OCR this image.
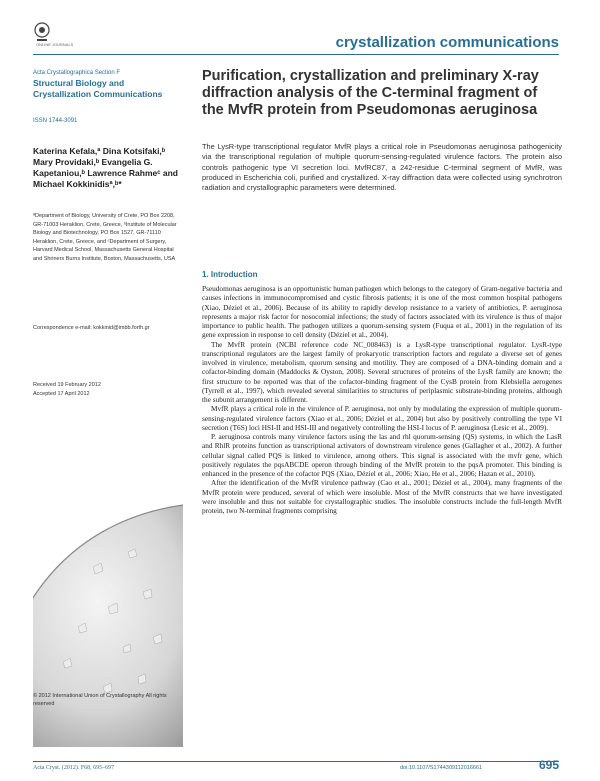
ONLINE JOURNALS	crystallization communications
Acta Crystallographica Section F
Structural Biology and Crystallization Communications
ISSN 1744-3091
Katerina Kefala,ª Dina Kotsifaki,ᵇ Mary Providaki,ᵇ Evangelia G. Kapetaniou,ᵇ Lawrence Rahmeᶜ and Michael Kokkinidisª,ᵇ*
ªDepartment of Biology, University of Crete, PO Box 2208, GR-71003 Heraklion, Crete, Greece, ᵇInstitute of Molecular Biology and Biotechnology, PO Box 1527, GR-71110 Heraklion, Crete, Greece, and ᶜDepartment of Surgery, Harvard Medical School, Massachusetts General Hospital and Shriners Burns Institute, Boston, Massachusetts, USA
Correspondence e-mail: kokkinid@imbb.forth.gr
Received 19 February 2012
Accepted 17 April 2012
© 2012 International Union of Crystallography All rights reserved
Purification, crystallization and preliminary X-ray diffraction analysis of the C-terminal fragment of the MvfR protein from Pseudomonas aeruginosa
The LysR-type transcriptional regulator MvfR plays a critical role in Pseudomonas aeruginosa pathogenicity via the transcriptional regulation of multiple quorum-sensing-regulated virulence factors. The protein also controls pathogenic type VI secretion loci. MvfRC87, a 242-residue C-terminal segment of MvfR, was produced in Escherichia coli, purified and crystallized. X-ray diffraction data were collected using synchrotron radiation and crystallographic parameters were determined.
1. Introduction

Pseudomonas aeruginosa is an opportunistic human pathogen which belongs to the category of Gram-negative bacteria and causes infections in immunocompromised and cystic fibrosis patients; it is one of the most common hospital pathogens (Xiao, Déziel et al., 2006). Because of its ability to rapidly develop resistance to a variety of antibiotics, P. aeruginosa represents a major risk factor for nosocomial infections; the study of factors associated with its virulence is thus of major importance to public health. The pathogen utilizes a quorum-sensing system (Fuqua et al., 2001) in the regulation of its gene expression in response to cell density (Déziel et al., 2004).

The MvfR protein (NCBI reference code NC_008463) is a LysR-type transcriptional regulator. LysR-type transcriptional regulators are the largest family of prokaryotic transcription factors and regulate a diverse set of genes involved in virulence, metabolism, quorum sensing and motility. They are composed of a DNA-binding domain and a cofactor-binding domain (Maddocks & Oyston, 2008). Several structures of proteins of the LysR family are known; the first structure to be reported was that of the cofactor-binding fragment of the CysB protein from Klebsiella aerogenes (Tyrrell et al., 1997), which revealed several similarities to structures of periplasmic substrate-binding proteins, although the subunit arrangement is different.

MvfR plays a critical role in the virulence of P. aeruginosa, not only by modulating the expression of multiple quorum-sensing-regulated virulence factors (Xiao et al., 2006; Déziel et al., 2004) but also by positively controlling the type VI secretion (T6S) loci HSI-II and HSI-III and negatively controlling the HSI-I locus of P. aeruginosa (Lesic et al., 2009).

P. aeruginosa controls many virulence factors using the las and rhl quorum-sensing (QS) systems, in which the LasR and RhlR proteins function as transcriptional activators of downstream virulence genes (Gallagher et al., 2002). A further cellular signal called PQS is linked to virulence, among others. This signal is associated with the mvfr gene, which positively regulates the pqsABCDE operon through binding of the MvfR protein to the pqsA promoter. This binding is enhanced in the presence of the cofactor PQS (Xiao, Déziel et al., 2006; Xiao, He et al., 2006; Hazan et al., 2010).

After the identification of the MvfR virulence pathway (Cao et al., 2001; Déziel et al., 2004), many fragments of the MvfR protein were produced, several of which were insoluble. Most of the MvfR constructs that we have investigated were insoluble and thus not suitable for crystallographic studies. The insoluble constructs include the full-length MvfR protein, two N-terminal fragments comprising

Acta Cryst. (2012). F68, 695–697	doi:10.1107/S1744309112016661	695
